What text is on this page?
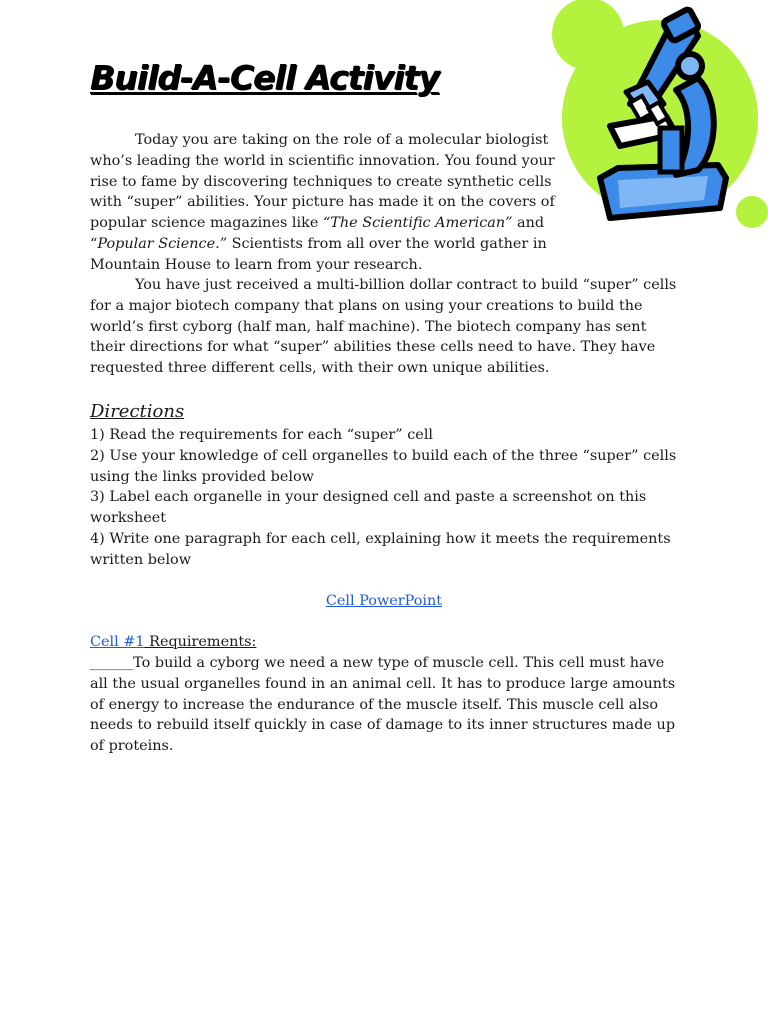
Build-A-Cell Activity

Today you are taking on the role of a molecular biologist who’s leading the world in scientific innovation. You found your rise to fame by discovering techniques to create synthetic cells with “super” abilities. Your picture has made it on the covers of popular science magazines like “The Scientific American” and “Popular Science.” Scientists from all over the world gather in Mountain House to learn from your research.

You have just received a multi-billion dollar contract to build “super” cells for a major biotech company that plans on using your creations to build the world’s first cyborg (half man, half machine). The biotech company has sent their directions for what “super” abilities these cells need to have. They have requested three different cells, with their own unique abilities.

Directions
1) Read the requirements for each “super” cell
2) Use your knowledge of cell organelles to build each of the three “super” cells using the links provided below
3) Label each organelle in your designed cell and paste a screenshot on this worksheet
4) Write one paragraph for each cell, explaining how it meets the requirements written below
Cell PowerPoint
Cell #1 Requirements:

______To build a cyborg we need a new type of muscle cell. This cell must have all the usual organelles found in an animal cell. It has to produce large amounts of energy to increase the endurance of the muscle itself. This muscle cell also needs to rebuild itself quickly in case of damage to its inner structures made up of proteins.
